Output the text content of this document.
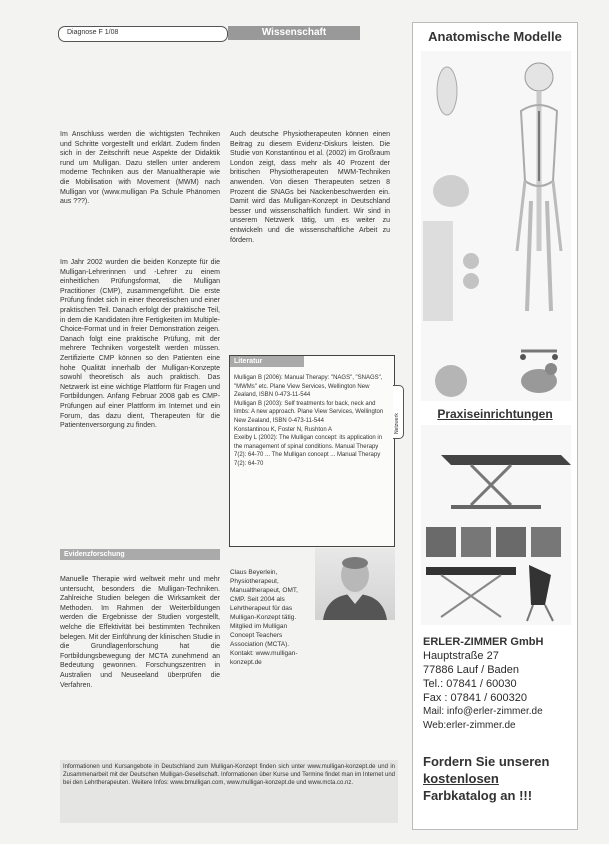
Diagnose F 1/08	Wissenschaft
Im Anschluss werden die wichtigsten Techniken und Schritte vorgestellt und erklärt. Zudem finden sich in der Zeitschrift neue Aspekte der Didaktik rund um Mulligan. Dazu stellen unter anderem moderne Techniken aus der Manualtherapie wie die Mobilisation with Movement (MWM) nach Mulligan vor (www.mulligan Pa Schule Phänomen aus ???).
Im Jahr 2002 wurden die beiden Konzepte für die Mulligan-Lehrerinnen und -Lehrer zu einem einheitlichen Prüfungsformat, die Mulligan Practitioner (CMP), zusammengeführt. Die erste Prüfung findet sich in einer theoretischen und einer praktischen Teil. Danach erfolgt der praktische Teil, in dem die Kandidaten ihre Fertigkeiten im Multiple-Choice-Format und in freier Demonstration zeigen. Danach folgt eine praktische Prüfung, mit der mehrere Techniken vorgestellt werden müssen. Zertifizierte CMP können so den Patienten eine hohe Qualität innerhalb der Mulligan-Konzepte sowohl theoretisch als auch praktisch. Das Netzwerk ist eine wichtige Plattform für Fragen und Fortbildungen. Anfang Februar 2008 gab es CMP-Prüfungen auf einer Plattform im Internet und ein Forum, das dazu dient, Therapeuten für die Patientenversorgung zu finden.
Evidenzforschung
Manuelle Therapie wird weltweit mehr und mehr untersucht, besonders die Mulligan-Techniken. Zahlreiche Studien belegen die Wirksamkeit der Methoden. Im Rahmen der Weiterbildungen werden die Ergebnisse der Studien vorgestellt, welche die Effektivität bei bestimmten Techniken belegen. Mit der Einführung der klinischen Studie in die Grundlagenforschung hat die Fortbildungsbewegung der MCTA zunehmend an Bedeutung gewonnen. Forschungszentren in Australien und Neuseeland überprüfen die Verfahren.
Auch deutsche Physiotherapeuten können einen Beitrag zu diesem Evidenz-Diskurs leisten. Die Studie von Konstantinou et al. (2002) im Großraum London zeigt, dass mehr als 40 Prozent der britischen Physiotherapeuten MWM-Techniken anwenden. Von diesen Therapeuten setzen 8 Prozent die SNAGs bei Nackenbeschwerden ein. Damit wird das Mulligan-Konzept in Deutschland besser und wissenschaftlich fundiert. Wir sind in unserem Netzwerk tätig, um es weiter zu entwickeln und die wissenschaftliche Arbeit zu fördern.
Literatur
Mulligan B (2006): Manual Therapy: "NAGS", "SNAGS", "MWMs" etc. Plane View Services, Wellington New Zealand, ISBN 0-473-11-544
Mulligan B (2003): Self treatments for back, neck and limbs: A new approach. Plane View Services, Wellington New Zealand, ISBN 0-473-11-544
Konstantinou K, Foster N, Rushton A
Exelby L (2002): The Mulligan concept: its application in the management of spinal conditions. Manual Therapy 7(2): 64-70 ... The Mulligan concept ... Manual Therapy 7(2): 64-70
Netzwerk
Claus Beyerlein, Physiotherapeut, Manualtherapeut, OMT, CMP. Seit 2004 als Lehrtherapeut für das Mulligan-Konzept tätig. Mitglied im Mulligan Concept Teachers Association (MCTA). Kontakt: www.mulligan-konzept.de
Informationen und Kursangebote in Deutschland zum Mulligan-Konzept finden sich unter www.mulligan-konzept.de und in Zusammenarbeit mit der Deutschen Mulligan-Gesellschaft. Informationen über Kurse und Termine findet man im Internet und bei den Lehrtherapeuten. Weitere Infos: www.bmulligan.com, www.mulligan-konzept.de und www.mcta.co.nz.
Anatomische Modelle
Praxiseinrichtungen
ERLER-ZIMMER GmbH
Hauptstraße 27
77886 Lauf / Baden
Tel.: 07841 / 60030
Fax : 07841 / 600320
Mail: info@erler-zimmer.de
Web:erler-zimmer.de
Fordern Sie unseren
kostenlosen
Farbkatalog an !!!
